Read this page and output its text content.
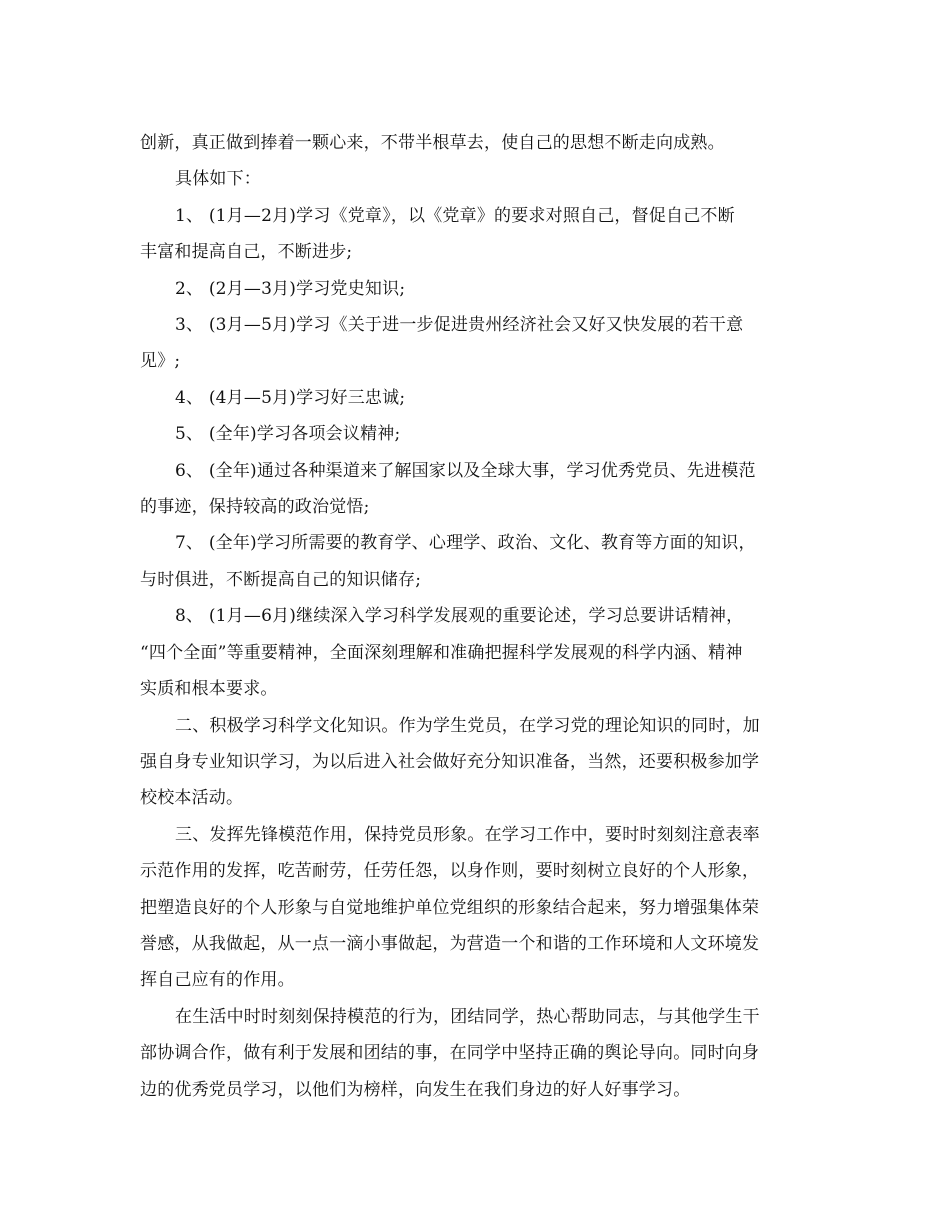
创新，真正做到捧着一颗心来，不带半根草去，使自己的思想不断走向成熟。

具体如下：

1、 (1月—2月)学习《党章》，以《党章》的要求对照自己，督促自己不断
丰富和提高自己，不断进步;

2、 (2月—3月)学习党史知识;

3、 (3月—5月)学习《关于进一步促进贵州经济社会又好又快发展的若干意
见》;

4、 (4月—5月)学习好三忠诚;

5、 (全年)学习各项会议精神;

6、 (全年)通过各种渠道来了解国家以及全球大事，学习优秀党员、先进模范
的事迹，保持较高的政治觉悟;

7、 (全年)学习所需要的教育学、心理学、政治、文化、教育等方面的知识，
与时俱进，不断提高自己的知识储存;

8、 (1月—6月)继续深入学习科学发展观的重要论述，学习总要讲话精神，
“四个全面”等重要精神，全面深刻理解和准确把握科学发展观的科学内涵、精神
实质和根本要求。

二、积极学习科学文化知识。作为学生党员，在学习党的理论知识的同时，加
强自身专业知识学习，为以后进入社会做好充分知识准备，当然，还要积极参加学
校校本活动。

三、发挥先锋模范作用，保持党员形象。在学习工作中，要时时刻刻注意表率
示范作用的发挥，吃苦耐劳，任劳任怨，以身作则，要时刻树立良好的个人形象，
把塑造良好的个人形象与自觉地维护单位党组织的形象结合起来，努力增强集体荣
誉感，从我做起，从一点一滴小事做起，为营造一个和谐的工作环境和人文环境发
挥自己应有的作用。

在生活中时时刻刻保持模范的行为，团结同学，热心帮助同志，与其他学生干
部协调合作，做有利于发展和团结的事，在同学中坚持正确的舆论导向。同时向身
边的优秀党员学习，以他们为榜样，向发生在我们身边的好人好事学习。
